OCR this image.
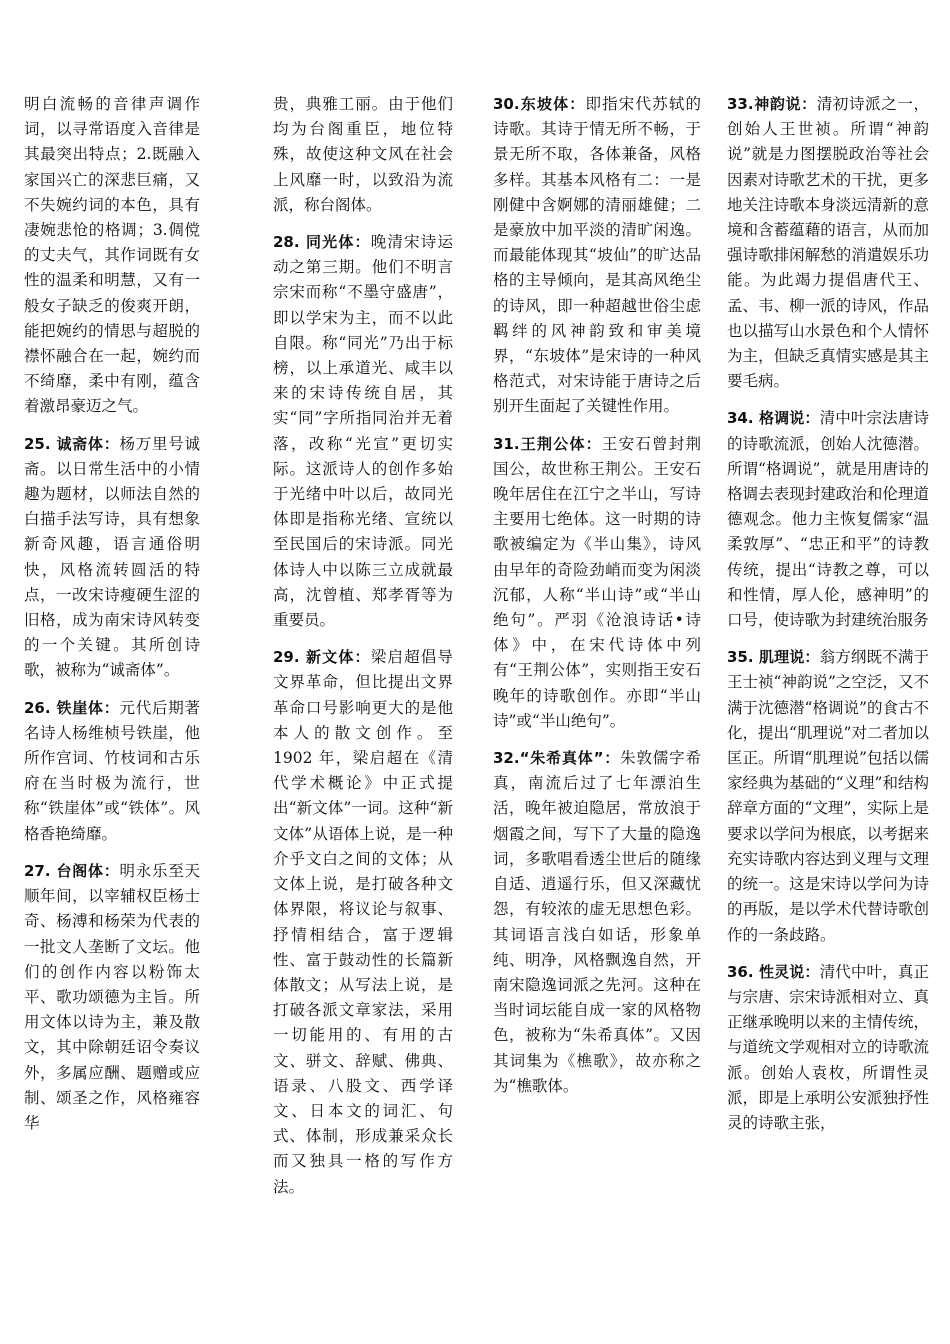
明白流畅的音律声调作词，以寻常语度入音律是其最突出特点；2.既融入家国兴亡的深悲巨痛，又不失婉约词的本色，具有凄婉悲怆的格调；3.倜傥的丈夫气，其作词既有女性的温柔和明慧，又有一般女子缺乏的俊爽开朗，能把婉约的情思与超脱的襟怀融合在一起，婉约而不绮靡，柔中有刚，蕴含着激昂豪迈之气。

25. 诚斋体：杨万里号诚斋。以日常生活中的小情趣为题材，以师法自然的白描手法写诗，具有想象新奇风趣，语言通俗明快，风格流转圆活的特点，一改宋诗瘦硬生涩的旧格，成为南宋诗风转变的一个关键。其所创诗歌，被称为“诚斋体”。

26. 铁崖体：元代后期著名诗人杨维桢号铁崖，他所作宫词、竹枝词和古乐府在当时极为流行，世称“铁崖体”或“铁体”。风格香艳绮靡。

27. 台阁体：明永乐至天顺年间，以宰辅权臣杨士奇、杨溥和杨荣为代表的一批文人垄断了文坛。他们的创作内容以粉饰太平、歌功颂德为主旨。所用文体以诗为主，兼及散文，其中除朝廷诏令奏议外，多属应酬、题赠或应制、颂圣之作，风格雍容华

贵，典雅工丽。由于他们均为台阁重臣，地位特殊，故使这种文风在社会上风靡一时，以致沿为流派，称台阁体。

28. 同光体：晚清宋诗运动之第三期。他们不明言宗宋而称“不墨守盛唐”，即以学宋为主，而不以此自限。称“同光”乃出于标榜，以上承道光、咸丰以来的宋诗传统自居，其实“同”字所指同治并无着落，改称“光宣”更切实际。这派诗人的创作多始于光绪中叶以后，故同光体即是指称光绪、宣统以至民国后的宋诗派。同光体诗人中以陈三立成就最高，沈曾植、郑孝胥等为重要员。

29. 新文体：梁启超倡导文界革命，但比提出文界革命口号影响更大的是他本人的散文创作。至 1902 年，梁启超在《清代学术概论》中正式提出“新文体”一词。这种“新文体”从语体上说，是一种介乎文白之间的文体；从文体上说，是打破各种文体界限，将议论与叙事、抒情相结合，富于逻辑性、富于鼓动性的长篇新体散文；从写法上说，是打破各派文章家法，采用一切能用的、有用的古文、骈文、辞赋、佛典、语录、八股文、西学译文、日本文的词汇、句式、体制，形成兼采众长而又独具一格的写作方法。

30.东坡体：即指宋代苏轼的诗歌。其诗于情无所不畅，于景无所不取，各体兼备，风格多样。其基本风格有二：一是刚健中含婀娜的清丽雄健；二是豪放中加平淡的清旷闲逸。而最能体现其“坡仙”的旷达品格的主导倾向，是其高风绝尘的诗风，即一种超越世俗尘虑羁绊的风神韵致和审美境界，“东坡体”是宋诗的一种风格范式，对宋诗能于唐诗之后别开生面起了关键性作用。

31.王荆公体：王安石曾封荆国公，故世称王荆公。王安石晚年居住在江宁之半山，写诗主要用七绝体。这一时期的诗歌被编定为《半山集》，诗风由早年的奇险劲峭而变为闲淡沉郁，人称“半山诗”或“半山绝句”。严羽《沧浪诗话•诗体》中，在宋代诗体中列有“王荆公体”，实则指王安石晚年的诗歌创作。亦即“半山诗”或“半山绝句”。

32.“朱希真体”：朱敦儒字希真，南流后过了七年漂泊生活，晚年被迫隐居，常放浪于烟霞之间，写下了大量的隐逸词，多歌唱看透尘世后的随缘自适、逍遥行乐，但又深藏忧怨，有较浓的虚无思想色彩。其词语言浅白如话，形象单纯、明净，风格飘逸自然，开南宋隐逸词派之先河。这种在当时词坛能自成一家的风格物色，被称为“朱希真体”。又因其词集为《樵歌》，故亦称之为“樵歌体。

33.神韵说：清初诗派之一，创始人王世祯。所谓“神韵说”就是力图摆脱政治等社会因素对诗歌艺术的干扰，更多地关注诗歌本身淡远清新的意境和含蓄蕴藉的语言，从而加强诗歌排闲解愁的消遣娱乐功能。为此竭力提倡唐代王、孟、韦、柳一派的诗风，作品也以描写山水景色和个人情怀为主，但缺乏真情实感是其主要毛病。

34. 格调说：清中叶宗法唐诗的诗歌流派，创始人沈德潜。所谓“格调说”，就是用唐诗的格调去表现封建政治和伦理道德观念。他力主恢复儒家“温柔敦厚”、“忠正和平”的诗教传统，提出“诗教之尊，可以和性情，厚人伦，感神明”的口号，使诗歌为封建统治服务

35. 肌理说：翁方纲既不满于王士祯“神韵说”之空泛，又不满于沈德潜“格调说”的食古不化，提出“肌理说”对二者加以匡正。所谓“肌理说”包括以儒家经典为基础的“义理”和结构辞章方面的“文理”，实际上是要求以学问为根底，以考据来充实诗歌内容达到义理与文理的统一。这是宋诗以学问为诗的再版，是以学术代替诗歌创作的一条歧路。

36. 性灵说：清代中叶，真正与宗唐、宗宋诗派相对立、真正继承晚明以来的主情传统，与道统文学观相对立的诗歌流派。创始人袁枚，所谓性灵派，即是上承明公安派独抒性灵的诗歌主张，
